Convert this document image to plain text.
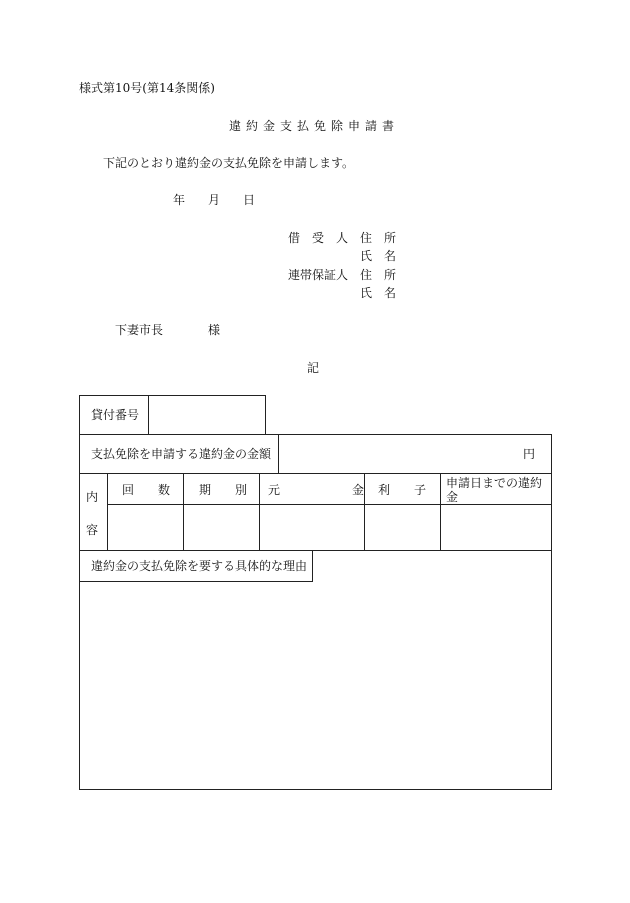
様式第10号(第14条関係)
違約金支払免除申請書
下記のとおり違約金の支払免除を申請します。
年 月 日
借　受　人 住　所
氏　名
連帯保証人 住　所
氏　名
下妻市長	様
記
貸付番号
支払免除を申請する違約金の金額	円
内
容
回　　数 期　　別 元　　　　　　金 利　　子 申請日までの違約金
違約金の支払免除を要する具体的な理由
